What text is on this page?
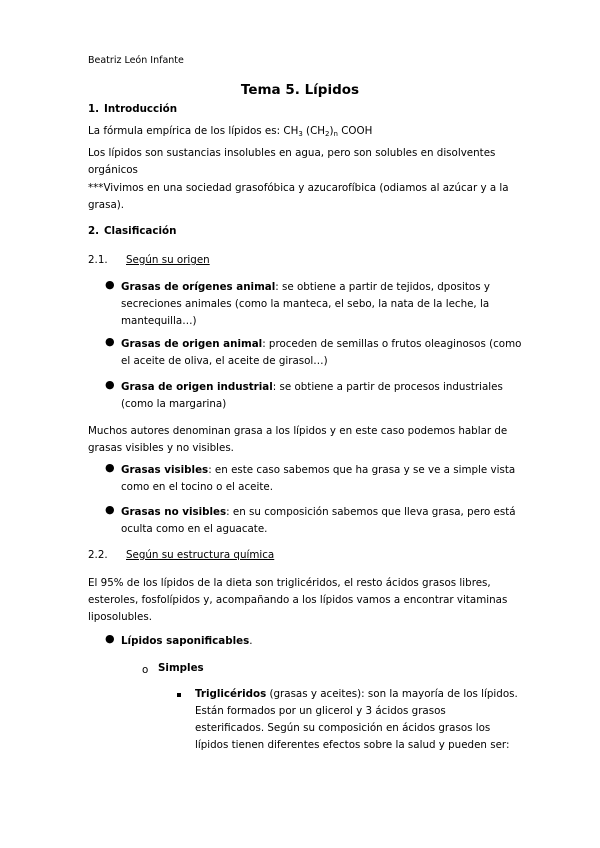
Beatriz León Infante

Tema 5. Lípidos

1. Introducción

La fórmula empírica de los lípidos es: $CH_3$ $(CH_2)_n$ COOH

Los lípidos son sustancias insolubles en agua, pero son solubles en disolventes

orgánicos

***Vivimos en una sociedad grasofóbica y azucarofíbica (odiamos al azúcar y a la

grasa).

2. Clasificación

2.1. Según su origen

● Grasas de orígenes animal: se obtiene a partir de tejidos, dpositos y

secreciones animales (como la manteca, el sebo, la nata de la leche, la

mantequilla…)

● Grasas de origen animal: proceden de semillas o frutos oleaginosos (como

el aceite de oliva, el aceite de girasol…)

● Grasa de origen industrial: se obtiene a partir de procesos industriales

(como la margarina)

Muchos autores denominan grasa a los lípidos y en este caso podemos hablar de

grasas visibles y no visibles.

● Grasas visibles: en este caso sabemos que ha grasa y se ve a simple vista

como en el tocino o el aceite.

● Grasas no visibles: en su composición sabemos que lleva grasa, pero está

oculta como en el aguacate.

2.2. Según su estructura química

El 95% de los lípidos de la dieta son triglicéridos, el resto ácidos grasos libres,

esteroles, fosfolípidos y, acompañando a los lípidos vamos a encontrar vitaminas

liposolubles.

● Lípidos saponificables.

o Simples

Triglicéridos (grasas y aceites): son la mayoría de los lípidos.

Están formados por un glicerol y 3 ácidos grasos

esterificados. Según su composición en ácidos grasos los

lípidos tienen diferentes efectos sobre la salud y pueden ser:
